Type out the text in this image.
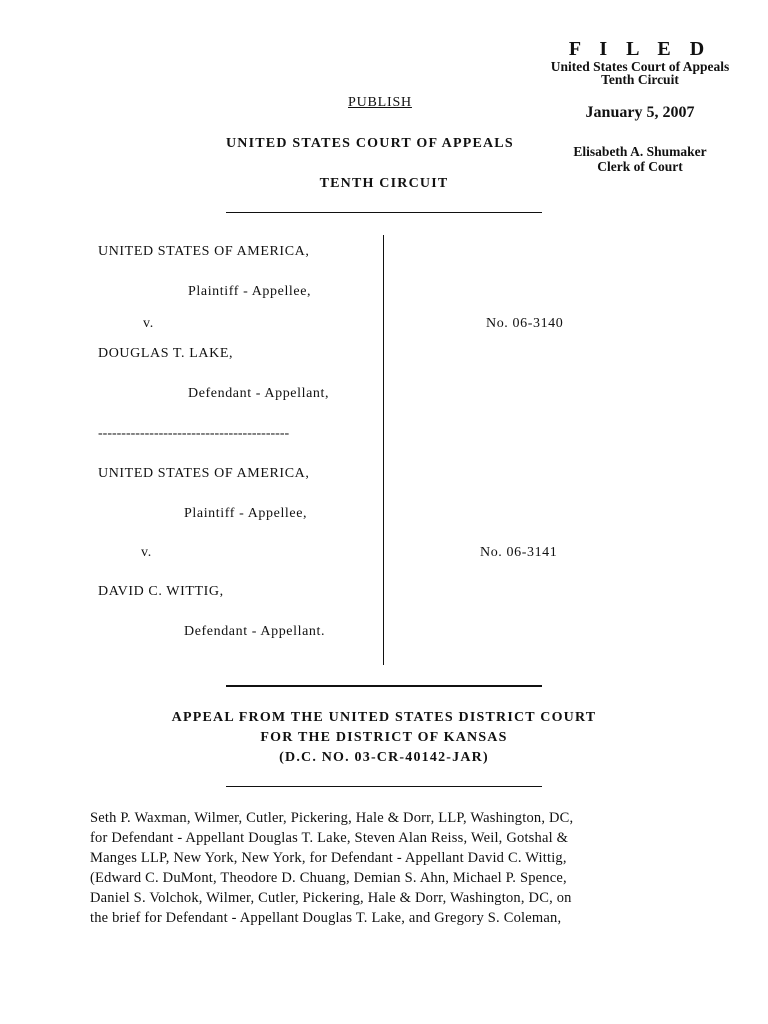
F I L E D
United States Court of Appeals
Tenth Circuit
January 5, 2007
Elisabeth A. Shumaker
Clerk of Court
PUBLISH
UNITED STATES COURT OF APPEALS
TENTH CIRCUIT
UNITED STATES OF AMERICA,
Plaintiff - Appellee,
v.	No. 06-3140
DOUGLAS T. LAKE,
Defendant - Appellant,
-----------------------------------------
UNITED STATES OF AMERICA,
Plaintiff - Appellee,
v.	No. 06-3141
DAVID C. WITTIG,
Defendant - Appellant.
APPEAL FROM THE UNITED STATES DISTRICT COURT
FOR THE DISTRICT OF KANSAS
(D.C. NO. 03-CR-40142-JAR)
Seth P. Waxman, Wilmer, Cutler, Pickering, Hale & Dorr, LLP, Washington, DC,
for Defendant - Appellant Douglas T. Lake, Steven Alan Reiss, Weil, Gotshal &
Manges LLP, New York, New York, for Defendant - Appellant David C. Wittig,
(Edward C. DuMont, Theodore D. Chuang, Demian S. Ahn, Michael P. Spence,
Daniel S. Volchok, Wilmer, Cutler, Pickering, Hale & Dorr, Washington, DC, on
the brief for Defendant - Appellant Douglas T. Lake, and Gregory S. Coleman,
